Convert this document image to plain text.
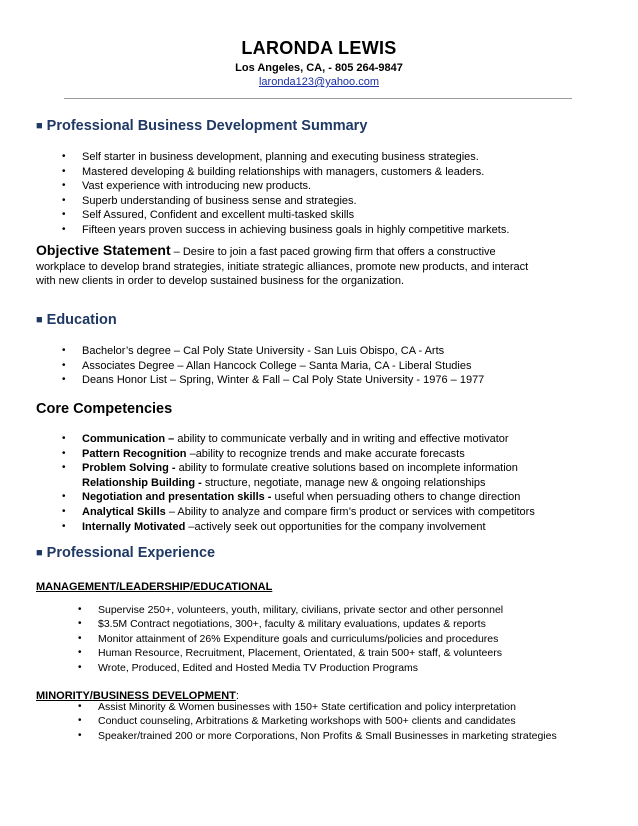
LARONDA LEWIS
Los Angeles, CA, - 805 264-9847
laronda123@yahoo.com
■ Professional Business Development Summary
• Self starter in business development, planning and executing business strategies.
• Mastered developing & building relationships with managers, customers & leaders.
• Vast experience with introducing new products.
• Superb understanding of business sense and strategies.
• Self Assured, Confident and excellent multi-tasked skills
• Fifteen years proven success in achieving business goals in highly competitive markets.
Objective Statement – Desire to join a fast paced growing firm that offers a constructive
workplace to develop brand strategies, initiate strategic alliances, promote new products, and interact
with new clients in order to develop sustained business for the organization.
■ Education
• Bachelor’s degree – Cal Poly State University - San Luis Obispo, CA - Arts
• Associates Degree – Allan Hancock College – Santa Maria, CA - Liberal Studies
• Deans Honor List – Spring, Winter & Fall – Cal Poly State University - 1976 – 1977
Core Competencies
• Communication – ability to communicate verbally and in writing and effective motivator
• Pattern Recognition –ability to recognize trends and make accurate forecasts
• Problem Solving - ability to formulate creative solutions based on incomplete information
Relationship Building - structure, negotiate, manage new & ongoing relationships
• Negotiation and presentation skills - useful when persuading others to change direction
• Analytical Skills – Ability to analyze and compare firm’s product or services with competitors
• Internally Motivated –actively seek out opportunities for the company involvement
■ Professional Experience
MANAGEMENT/LEADERSHIP/EDUCATIONAL
• Supervise 250+, volunteers, youth, military, civilians, private sector and other personnel
• $3.5M Contract negotiations, 300+, faculty & military evaluations, updates & reports
• Monitor attainment of 26% Expenditure goals and curriculums/policies and procedures
• Human Resource, Recruitment, Placement, Orientated, & train 500+ staff, & volunteers
• Wrote, Produced, Edited and Hosted Media TV Production Programs
MINORITY/BUSINESS DEVELOPMENT:
• Assist Minority & Women businesses with 150+ State certification and policy interpretation
• Conduct counseling, Arbitrations & Marketing workshops with 500+ clients and candidates
• Speaker/trained 200 or more Corporations, Non Profits & Small Businesses in marketing strategies
